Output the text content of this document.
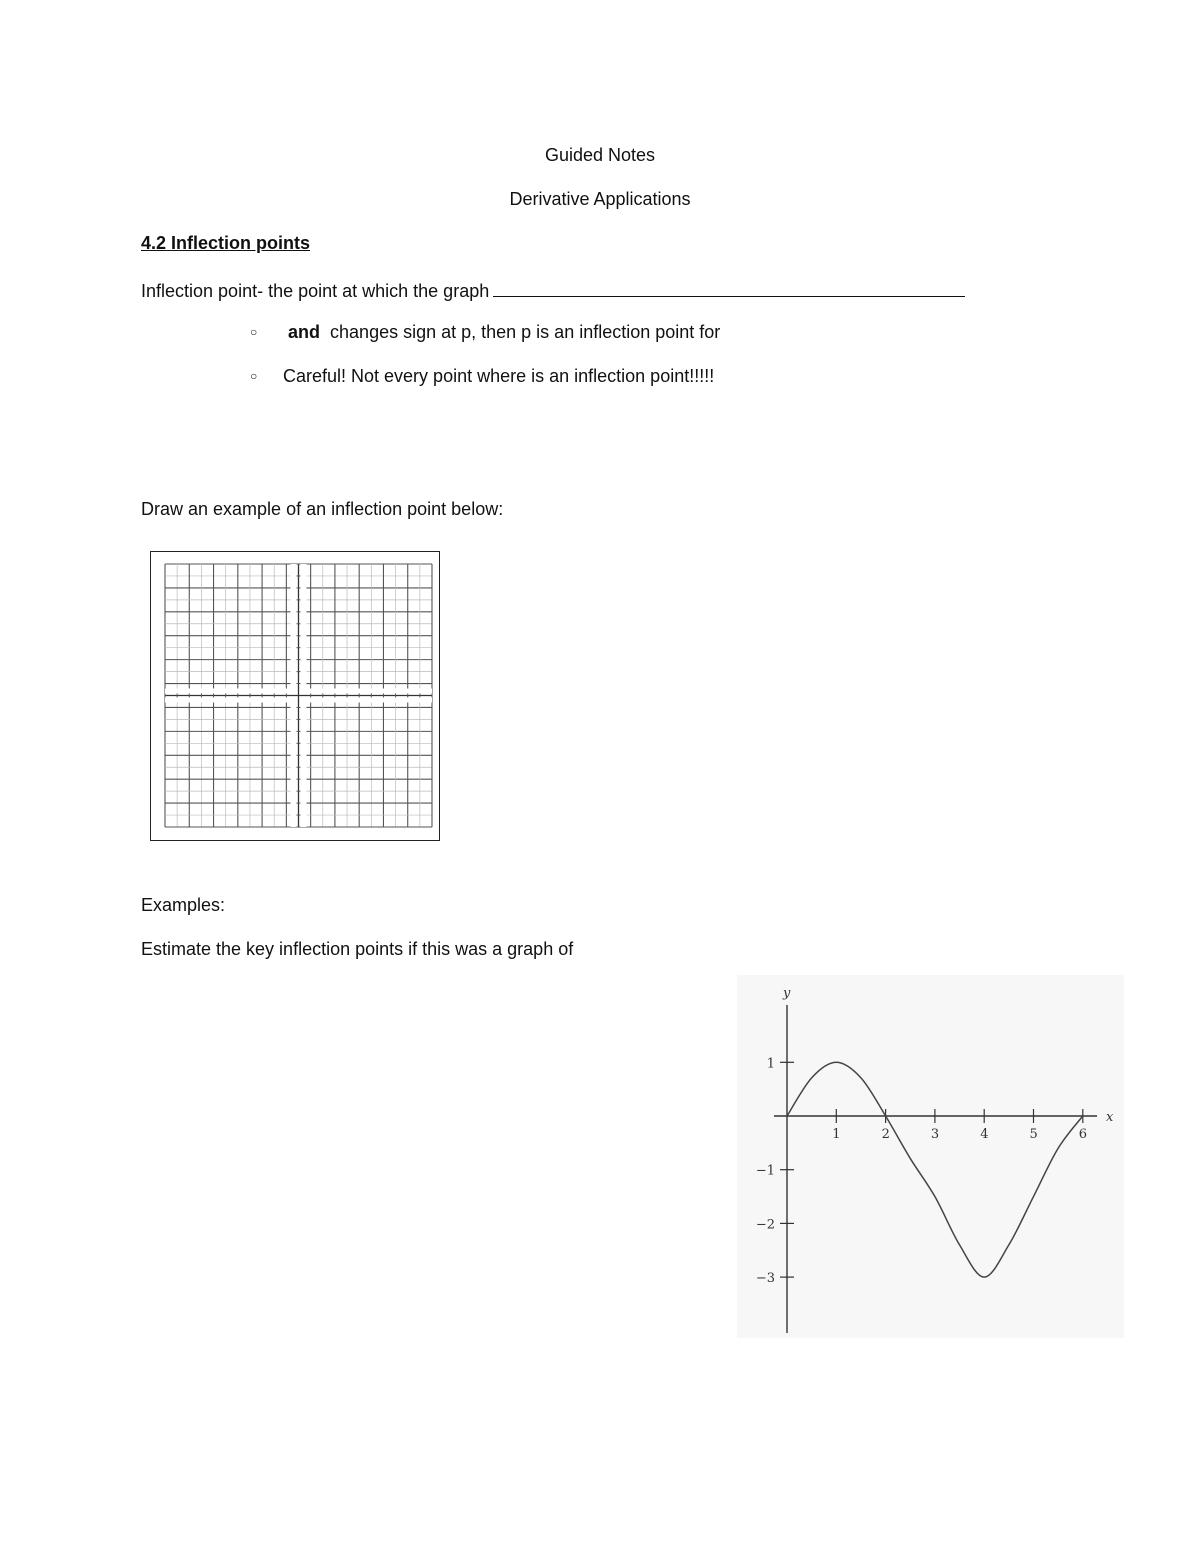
Guided Notes
Derivative Applications
4.2 Inflection points
Inflection point- the point at which the graph
○ and changes sign at p, then p is an inflection point for
○ Careful! Not every point where is an inflection point!!!!!
Draw an example of an inflection point below:
Examples:
Estimate the key inflection points if this was a graph of
x
y
1	2	3	4	5	6
1
−1
−2
−3
